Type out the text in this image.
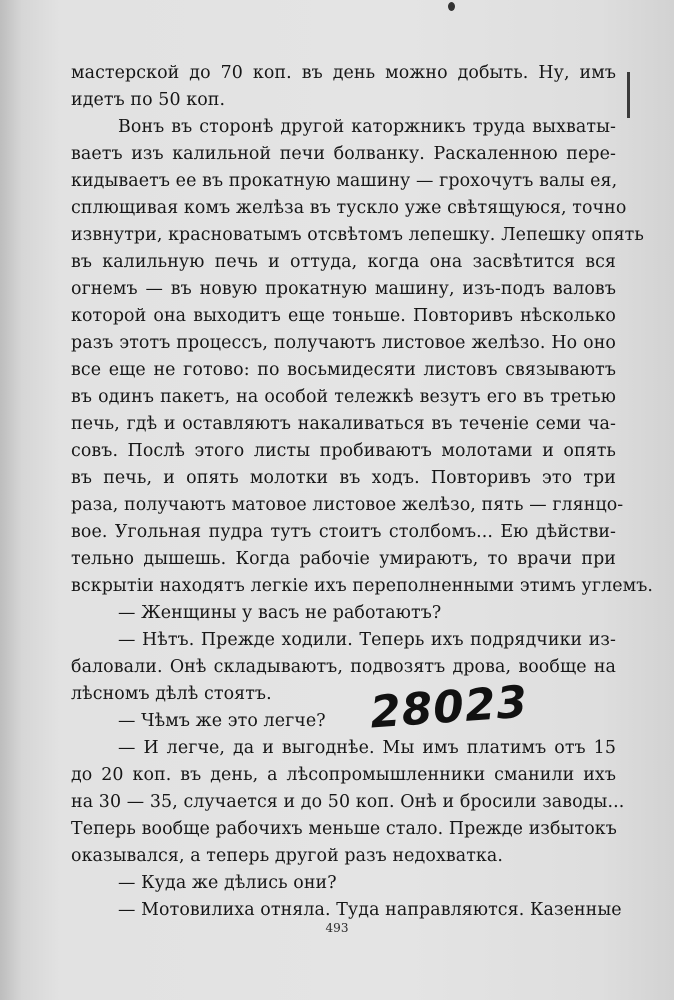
мастерской до 70 коп. въ день можно добыть. Ну, имъ
идетъ по 50 коп.
Вонъ въ сторонѣ другой каторжникъ труда выхваты-
ваетъ изъ калильной печи болванку. Раскаленною пере-
кидываетъ ее въ прокатную машину — грохочутъ валы ея,
сплющивая комъ желѣза въ тускло уже свѣтящуюся, точно
извнутри, красноватымъ отсвѣтомъ лепешку. Лепешку опять
въ калильную печь и оттуда, когда она засвѣтится вся
огнемъ — въ новую прокатную машину, изъ-подъ валовъ
которой она выходитъ еще тоньше. Повторивъ нѣсколько
разъ этотъ процессъ, получаютъ листовое желѣзо. Но оно
все еще не готово: по восьмидесяти листовъ связываютъ
въ одинъ пакетъ, на особой тележкѣ везутъ его въ третью
печь, гдѣ и оставляютъ накаливаться въ теченіе семи ча-
совъ. Послѣ этого листы пробиваютъ молотами и опять
въ печь, и опять молотки въ ходъ. Повторивъ это три
раза, получаютъ матовое листовое желѣзо, пять — глянцо-
вое. Угольная пудра тутъ стоитъ столбомъ... Ею дѣйстви-
тельно дышешь. Когда рабочіе умираютъ, то врачи при
вскрытіи находятъ легкіе ихъ переполненными этимъ углемъ.
— Женщины у васъ не работаютъ?
— Нѣтъ. Прежде ходили. Теперь ихъ подрядчики из-
баловали. Онѣ складываютъ, подвозятъ дрова, вообще на
лѣсномъ дѣлѣ стоятъ.
— Чѣмъ же это легче?
— И легче, да и выгоднѣе. Мы имъ платимъ отъ 15
до 20 коп. въ день, а лѣсопромышленники сманили ихъ
на 30 — 35, случается и до 50 коп. Онѣ и бросили заводы...
Теперь вообще рабочихъ меньше стало. Прежде избытокъ
оказывался, а теперь другой разъ недохватка.
— Куда же дѣлись они?
— Мотовилиха отняла. Туда направляются. Казенные
28023
493
